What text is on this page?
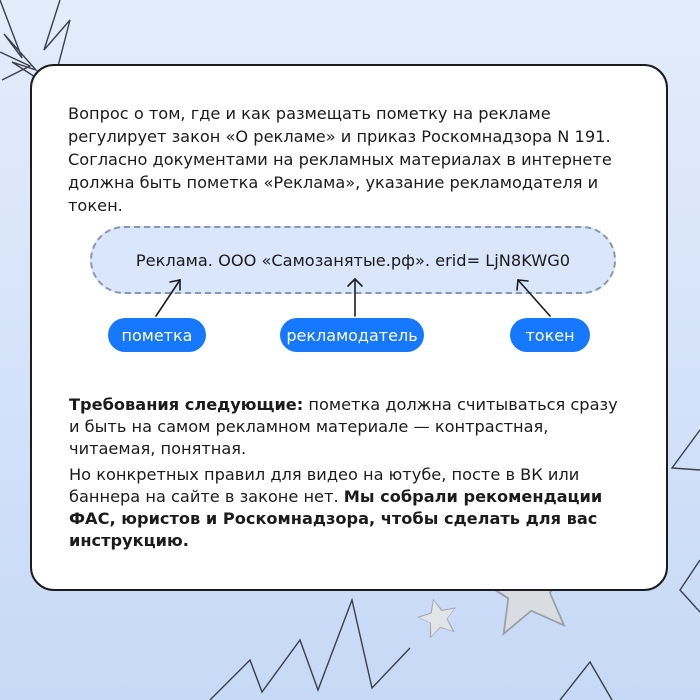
Вопрос о том, где и как размещать пометку на рекламе регулирует закон «О рекламе» и приказ Роскомнадзора N 191. Согласно документами на рекламных материалах в интернете должна быть пометка «Реклама», указание рекламодателя и токен.

Реклама. ООО «Самозанятые.рф». erid= LjN8KWG0
пометка	рекламодатель	токен

Требования следующие: пометка должна считываться сразу и быть на самом рекламном материале — контрастная, читаемая, понятная.

Но конкретных правил для видео на ютубе, посте в ВК или баннера на сайте в законе нет. Мы собрали рекомендации ФАС, юристов и Роскомнадзора, чтобы сделать для вас инструкцию.
